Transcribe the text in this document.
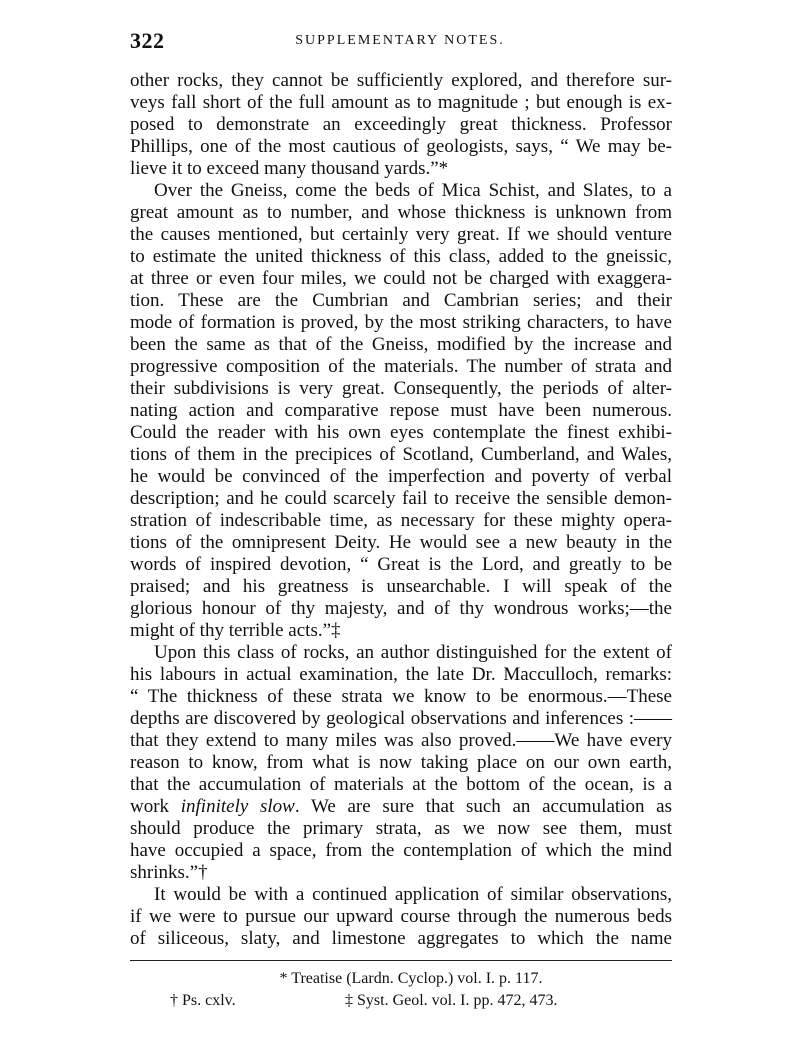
322	SUPPLEMENTARY NOTES.
other rocks, they cannot be sufficiently explored, and therefore sur-
veys fall short of the full amount as to magnitude ; but enough is ex-
posed to demonstrate an exceedingly great thickness. Professor
Phillips, one of the most cautious of geologists, says, “ We may be-
lieve it to exceed many thousand yards.”*
Over the Gneiss, come the beds of Mica Schist, and Slates, to a
great amount as to number, and whose thickness is unknown from
the causes mentioned, but certainly very great. If we should venture
to estimate the united thickness of this class, added to the gneissic,
at three or even four miles, we could not be charged with exaggera-
tion. These are the Cumbrian and Cambrian series; and their
mode of formation is proved, by the most striking characters, to have
been the same as that of the Gneiss, modified by the increase and
progressive composition of the materials. The number of strata and
their subdivisions is very great. Consequently, the periods of alter-
nating action and comparative repose must have been numerous.
Could the reader with his own eyes contemplate the finest exhibi-
tions of them in the precipices of Scotland, Cumberland, and Wales,
he would be convinced of the imperfection and poverty of verbal
description; and he could scarcely fail to receive the sensible demon-
stration of indescribable time, as necessary for these mighty opera-
tions of the omnipresent Deity. He would see a new beauty in the
words of inspired devotion, “ Great is the Lord, and greatly to be
praised; and his greatness is unsearchable. I will speak of the
glorious honour of thy majesty, and of thy wondrous works;—the
might of thy terrible acts.”‡
Upon this class of rocks, an author distinguished for the extent of
his labours in actual examination, the late Dr. Macculloch, remarks:
“ The thickness of these strata we know to be enormous.—These
depths are discovered by geological observations and inferences :——
that they extend to many miles was also proved.——We have every
reason to know, from what is now taking place on our own earth,
that the accumulation of materials at the bottom of the ocean, is a
work infinitely slow. We are sure that such an accumulation as
should produce the primary strata, as we now see them, must
have occupied a space, from the contemplation of which the mind
shrinks.”†
It would be with a continued application of similar observations,
if we were to pursue our upward course through the numerous beds
of siliceous, slaty, and limestone aggregates to which the name
* Treatise (Lardn. Cyclop.) vol. I. p. 117.
† Ps. cxlv.	‡ Syst. Geol. vol. I. pp. 472, 473.
